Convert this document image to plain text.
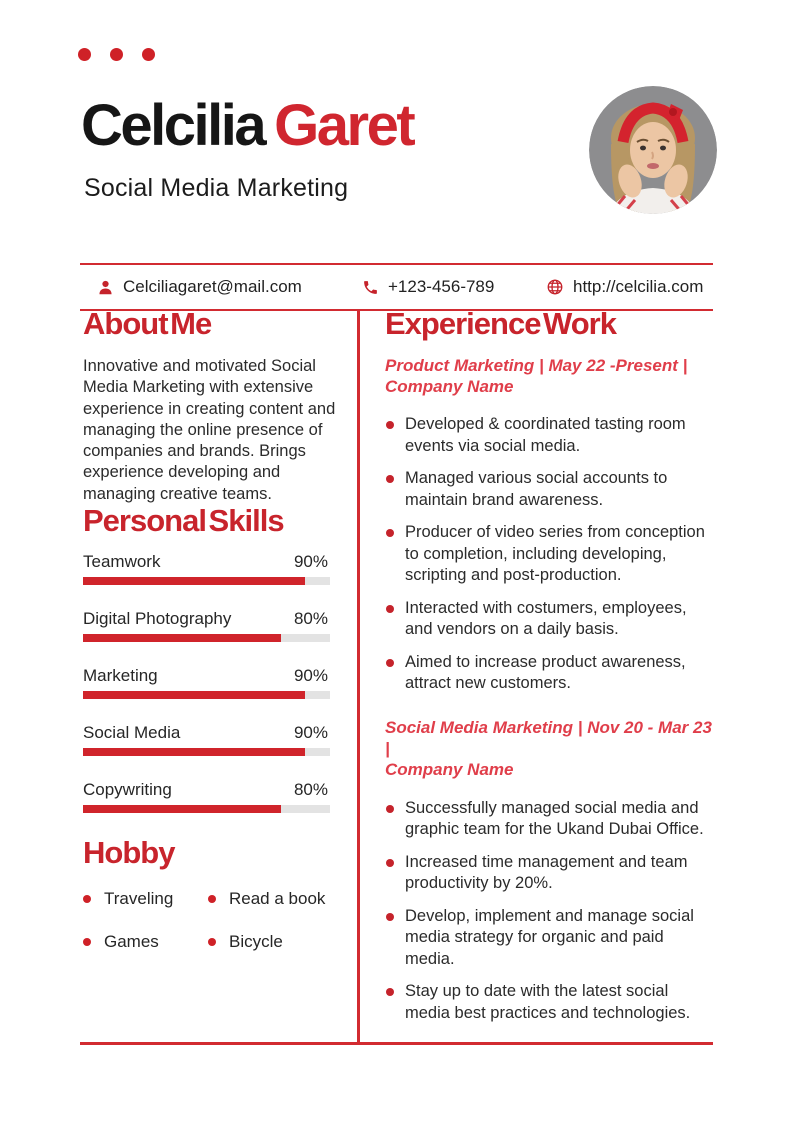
Celcilia Garet
Social Media Marketing
Celciliagaret@mail.com	+123-456-789	http://celcilia.com
About Me
Innovative and motivated Social Media Marketing with extensive experience in creating content and managing the online presence of companies and brands. Brings experience developing and managing creative teams.
Personal Skills
Teamwork	90%
Digital Photography	80%
Marketing	90%
Social Media	90%
Copywriting	80%
Hobby
Traveling	Read a book
Games	Bicycle
Experience Work
Product Marketing | May 22 -Present |
Company Name
Developed & coordinated tasting room events via social media.
Managed various social accounts to maintain brand awareness.
Producer of video series from conception to completion, including developing, scripting and post-production.
Interacted with costumers, employees, and vendors on a daily basis.
Aimed to increase product awareness, attract new customers.
Social Media Marketing | Nov 20 - Mar 23 |
Company Name
Successfully managed social media and graphic team for the Ukand Dubai Office.
Increased time management and team productivity by 20%.
Develop, implement and manage social media strategy for organic and paid media.
Stay up to date with the latest social media best practices and technologies.
